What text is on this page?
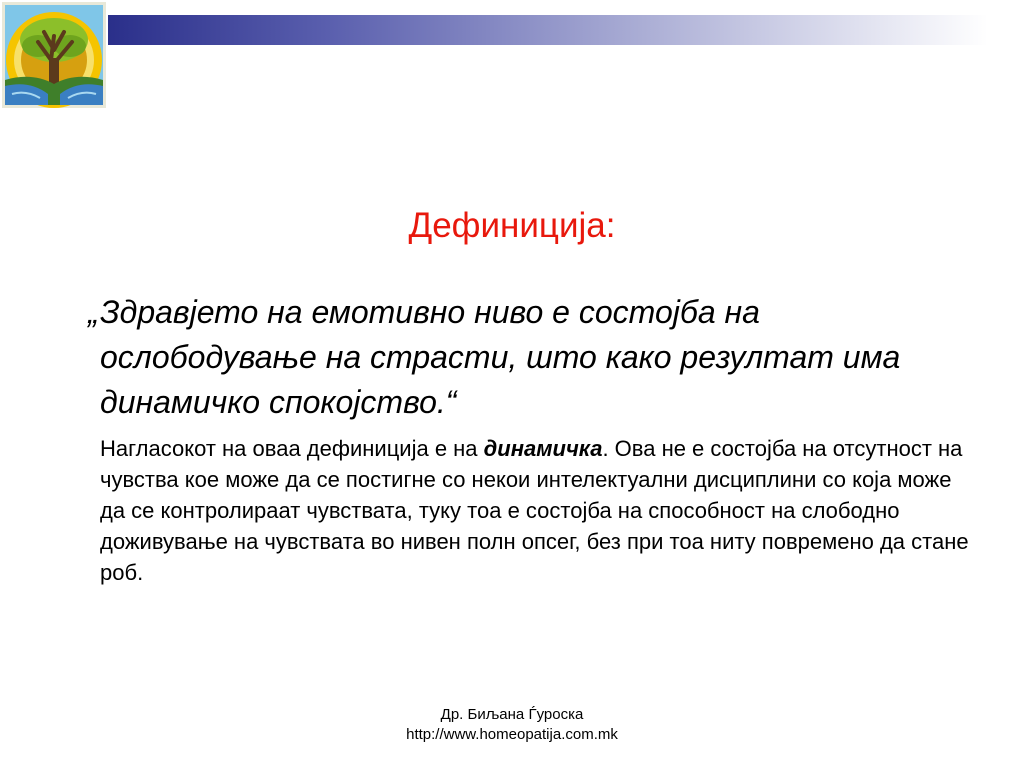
Дефиниција:
„ Здравјето на емотивно ниво е состојба на ослободување на страсти, што како резултат има динамичко спокојство.“
Нагласокот на оваа дефиниција е на динамичка. Ова не е состојба на отсутност на чувства кое може да се постигне со некои интелектуални дисциплини со која може да се контролираат чувствата, туку тоа е состојба на способност на слободно доживување на чувствата во нивен полн опсег, без при тоа ниту повремено да стане роб.
Др. Биљана Ѓуроска
http://www.homeopatija.com.mk
